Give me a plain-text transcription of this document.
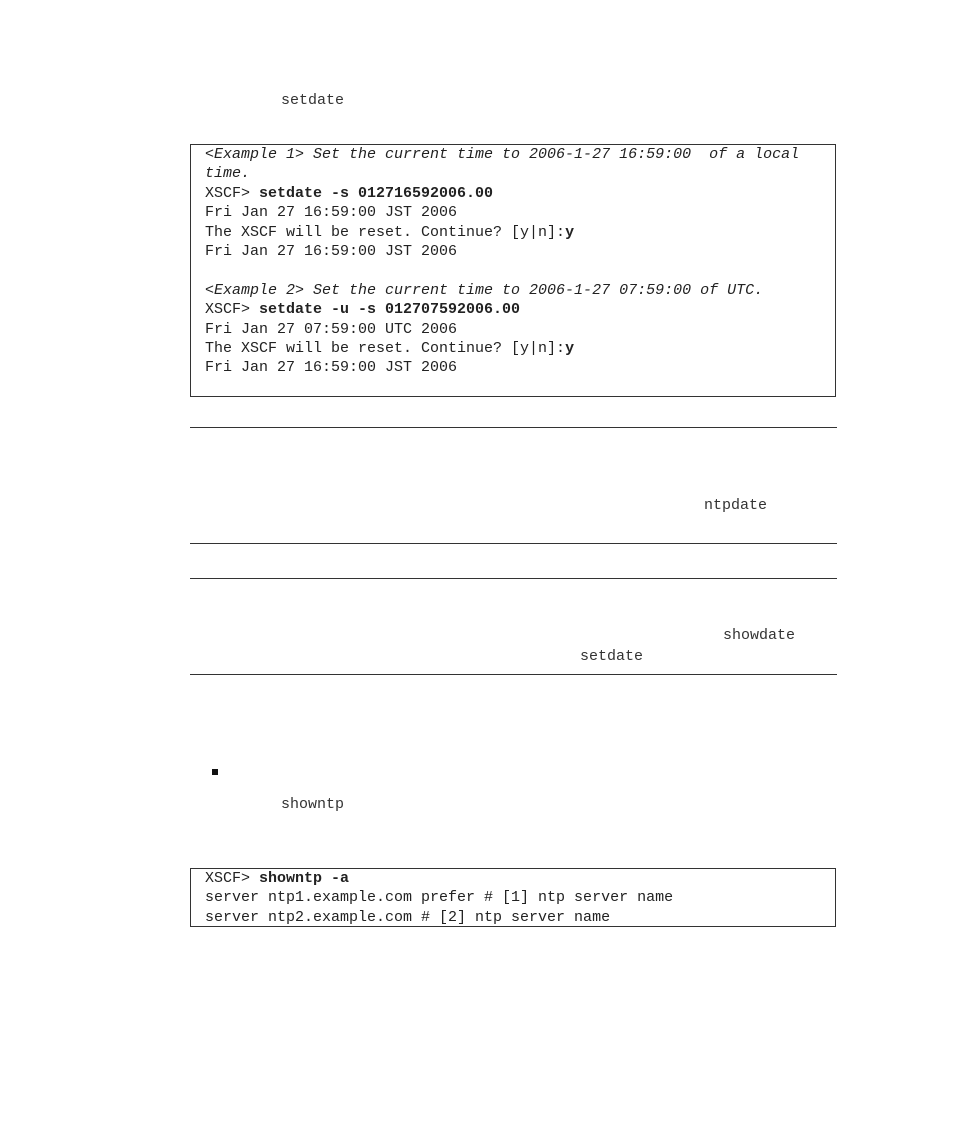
setdate
<Example 1> Set the current time to 2006-1-27 16:59:00  of a local
time.
XSCF> setdate -s 012716592006.00
Fri Jan 27 16:59:00 JST 2006
The XSCF will be reset. Continue? [y|n]:y
Fri Jan 27 16:59:00 JST 2006
<Example 2> Set the current time to 2006-1-27 07:59:00 of UTC.
XSCF> setdate -u -s 012707592006.00
Fri Jan 27 07:59:00 UTC 2006
The XSCF will be reset. Continue? [y|n]:y
Fri Jan 27 16:59:00 JST 2006
ntpdate
showdate
setdate
showntp
XSCF> showntp -a
server ntp1.example.com prefer # [1] ntp server name
server ntp2.example.com # [2] ntp server name
